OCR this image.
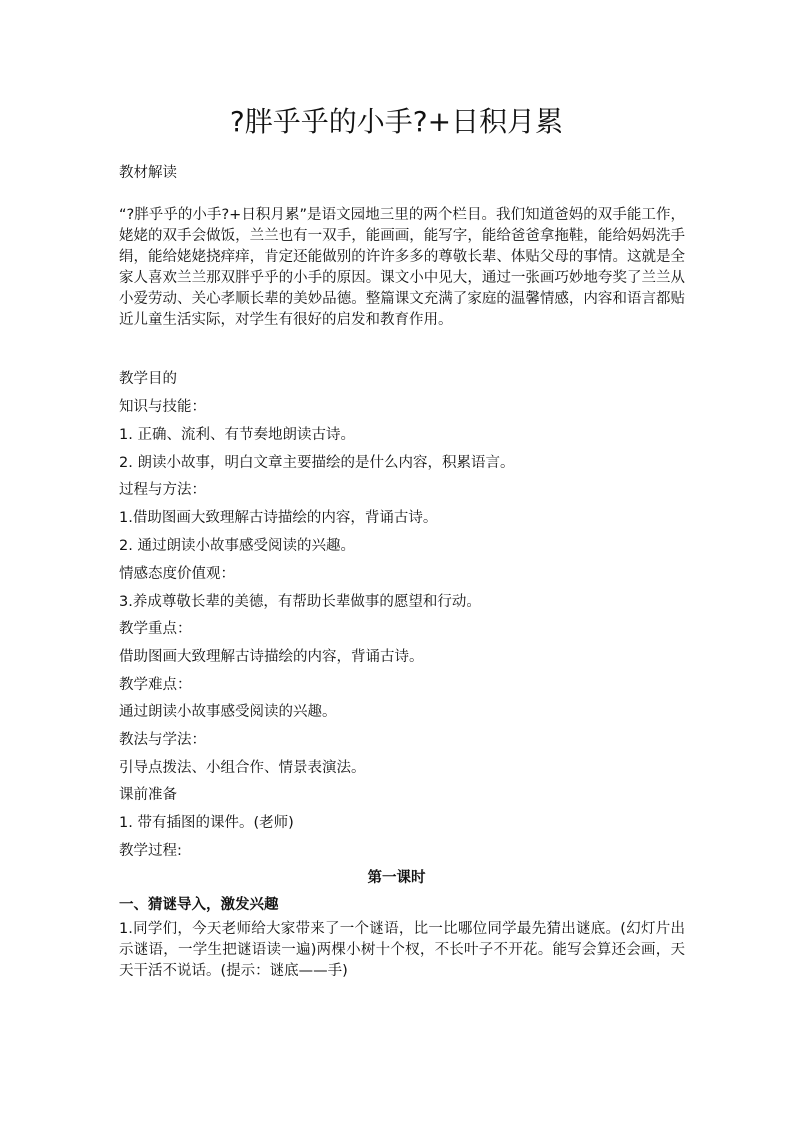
?胖乎乎的小手?+日积月累

教材解读

“?胖乎乎的小手?+日积月累”是语文园地三里的两个栏目。我们知道爸妈的双手能工作，姥姥的双手会做饭，兰兰也有一双手，能画画，能写字，能给爸爸拿拖鞋，能给妈妈洗手绢，能给姥姥挠痒痒，肯定还能做别的许许多多的尊敬长辈、体贴父母的事情。这就是全家人喜欢兰兰那双胖乎乎的小手的原因。课文小中见大，通过一张画巧妙地夸奖了兰兰从小爱劳动、关心孝顺长辈的美妙品德。整篇课文充满了家庭的温馨情感，内容和语言都贴近儿童生活实际，对学生有很好的启发和教育作用。

教学目的

知识与技能：

1. 正确、流利、有节奏地朗读古诗。

2. 朗读小故事，明白文章主要描绘的是什么内容，积累语言。

过程与方法：

1.借助图画大致理解古诗描绘的内容，背诵古诗。

2. 通过朗读小故事感受阅读的兴趣。

情感态度价值观：

3.养成尊敬长辈的美德，有帮助长辈做事的愿望和行动。

教学重点：

借助图画大致理解古诗描绘的内容，背诵古诗。

教学难点：

通过朗读小故事感受阅读的兴趣。

教法与学法：

引导点拨法、小组合作、情景表演法。

课前准备

1. 带有插图的课件。(老师)

教学过程:

第一课时

一、猜谜导入，激发兴趣

1.同学们，今天老师给大家带来了一个谜语，比一比哪位同学最先猜出谜底。(幻灯片出示谜语，一学生把谜语读一遍)两棵小树十个杈，不长叶子不开花。能写会算还会画，天天干活不说话。(提示：谜底——手)
